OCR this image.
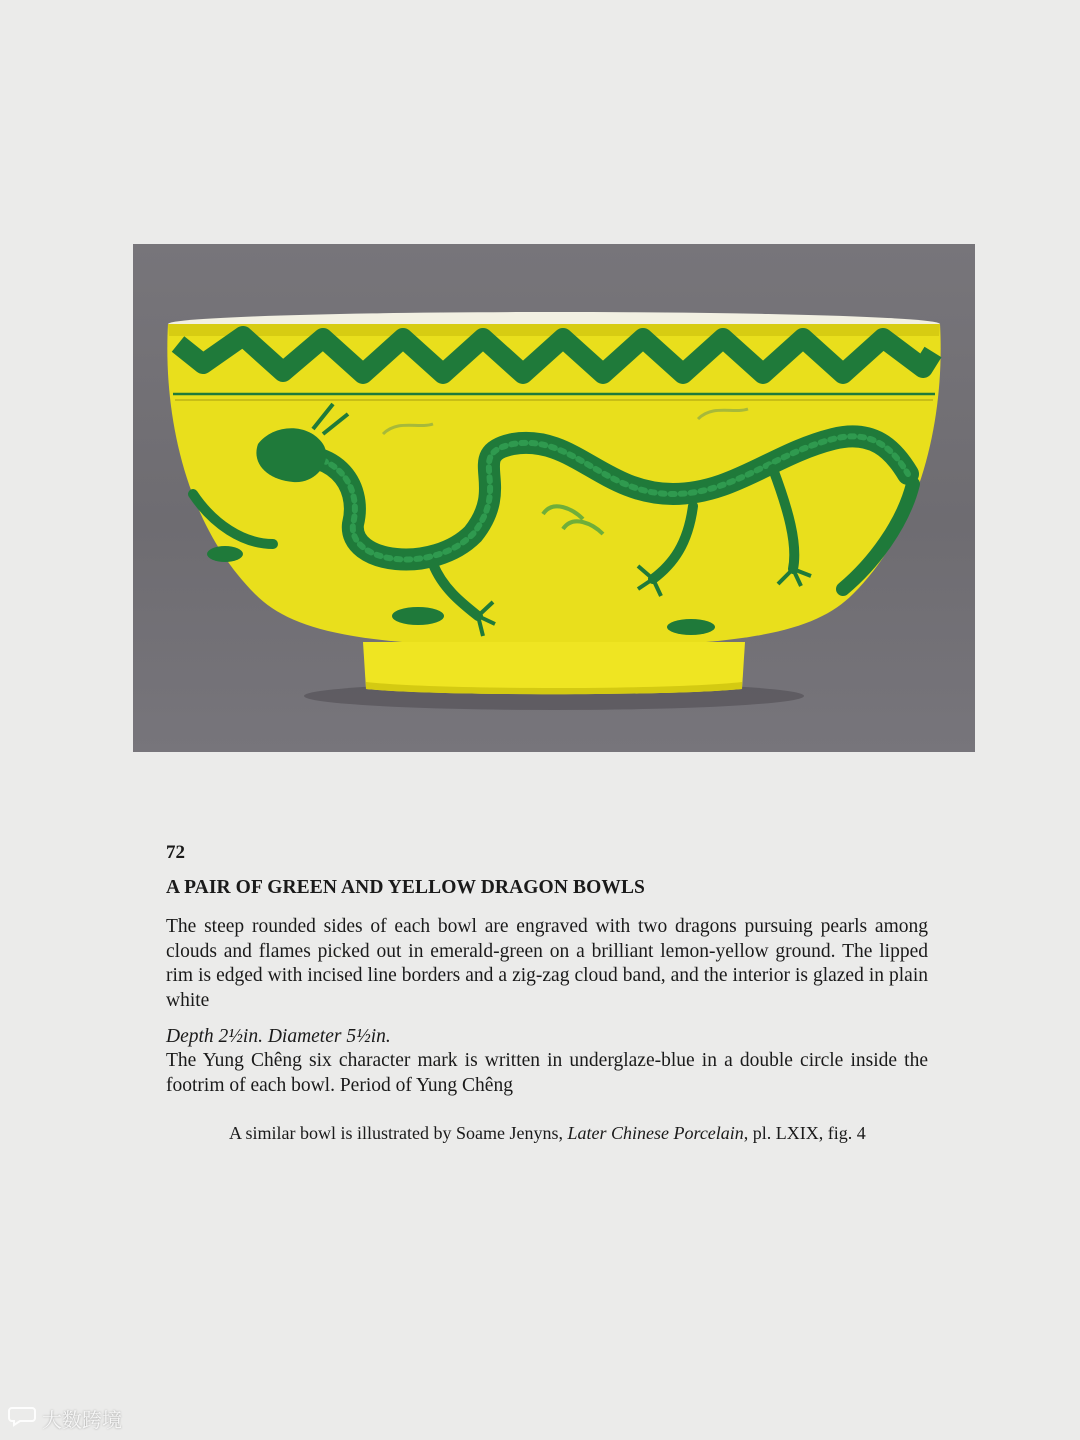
72
A PAIR OF GREEN AND YELLOW DRAGON BOWLS

The steep rounded sides of each bowl are engraved with two dragons pursuing pearls among clouds and flames picked out in emerald-green on a brilliant lemon-yellow ground. The lipped rim is edged with incised line borders and a zig-zag cloud band, and the interior is glazed in plain white

Depth 2½in. Diameter 5½in.

The Yung Chêng six character mark is written in underglaze-blue in a double circle inside the footrim of each bowl. Period of Yung Chêng

A similar bowl is illustrated by Soame Jenyns, Later Chinese Porcelain, pl. LXIX, fig. 4
大数跨境
